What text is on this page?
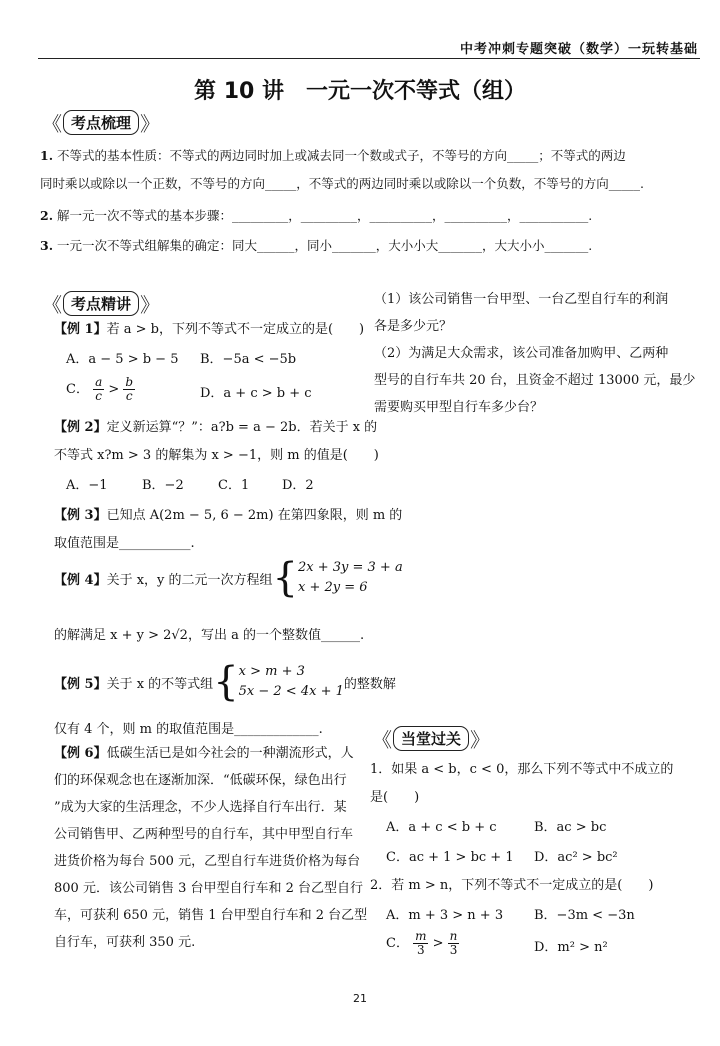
中考冲刺专题突破（数学）一玩转基础
第 10 讲　一元一次不等式（组）
《 考点梳理 》
1. 不等式的基本性质：不等式的两边同时加上或减去同一个数或式子，不等号的方向_____；不等式的两边
同时乘以或除以一个正数，不等号的方向_____，不等式的两边同时乘以或除以一个负数，不等号的方向_____.
2. 解一元一次不等式的基本步骤：_________，_________，__________，__________，___________.
3. 一元一次不等式组解集的确定：同大______，同小_______，大小小大_______，大大小小_______.
《 考点精讲 》
【例 1】若 a > b，下列不等式不一定成立的是(　　)
A．a − 5 > b − 5 B．−5a < −5b
C． $\frac{a}{c} > \frac{b}{c}$	D．a + c > b + c
【例 2】定义新运算“？”：a?b = a − 2b．若关于 x 的
不等式 x?m > 3 的解集为 x > −1，则 m 的值是(　　)
A．−1	B．−2	C．1	D．2
【例 3】已知点 A(2m − 5, 6 − 2m) 在第四象限，则 m 的
取值范围是___________.
【例 4】 关于 x，y 的二元一次方程组 { 2x + 3y = 3 + a
x + 2y = 6
的解满足 x + y > 2√2，写出 a 的一个整数值______.
【例 5】 关于 x 的不等式组 { x > m + 3
5x − 2 < 4x + 1 的整数解
仅有 4 个，则 m 的取值范围是_____________.
【例 6】低碳生活已是如今社会的一种潮流形式，人
们的环保观念也在逐渐加深．“低碳环保，绿色出行
”成为大家的生活理念，不少人选择自行车出行．某
公司销售甲、乙两种型号的自行车，其中甲型自行车
进货价格为每台 500 元，乙型自行车进货价格为每台
800 元．该公司销售 3 台甲型自行车和 2 台乙型自行
车，可获利 650 元，销售 1 台甲型自行车和 2 台乙型
自行车，可获利 350 元.
（1）该公司销售一台甲型、一台乙型自行车的利润
各是多少元？
（2）为满足大众需求，该公司准备加购甲、乙两种
型号的自行车共 20 台，且资金不超过 13000 元，最少
需要购买甲型自行车多少台？
《 当堂过关 》
1．如果 a < b，c < 0，那么下列不等式中不成立的
是(　　)
A．a + c < b + c	B．ac > bc
C．ac + 1 > bc + 1 D．ac² > bc²
2．若 m > n，下列不等式不一定成立的是(　　)
A．m + 3 > n + 3 B．−3m < −3n
C． $\frac{m}{3} > \frac{n}{3}$	D．m² > n²
21
